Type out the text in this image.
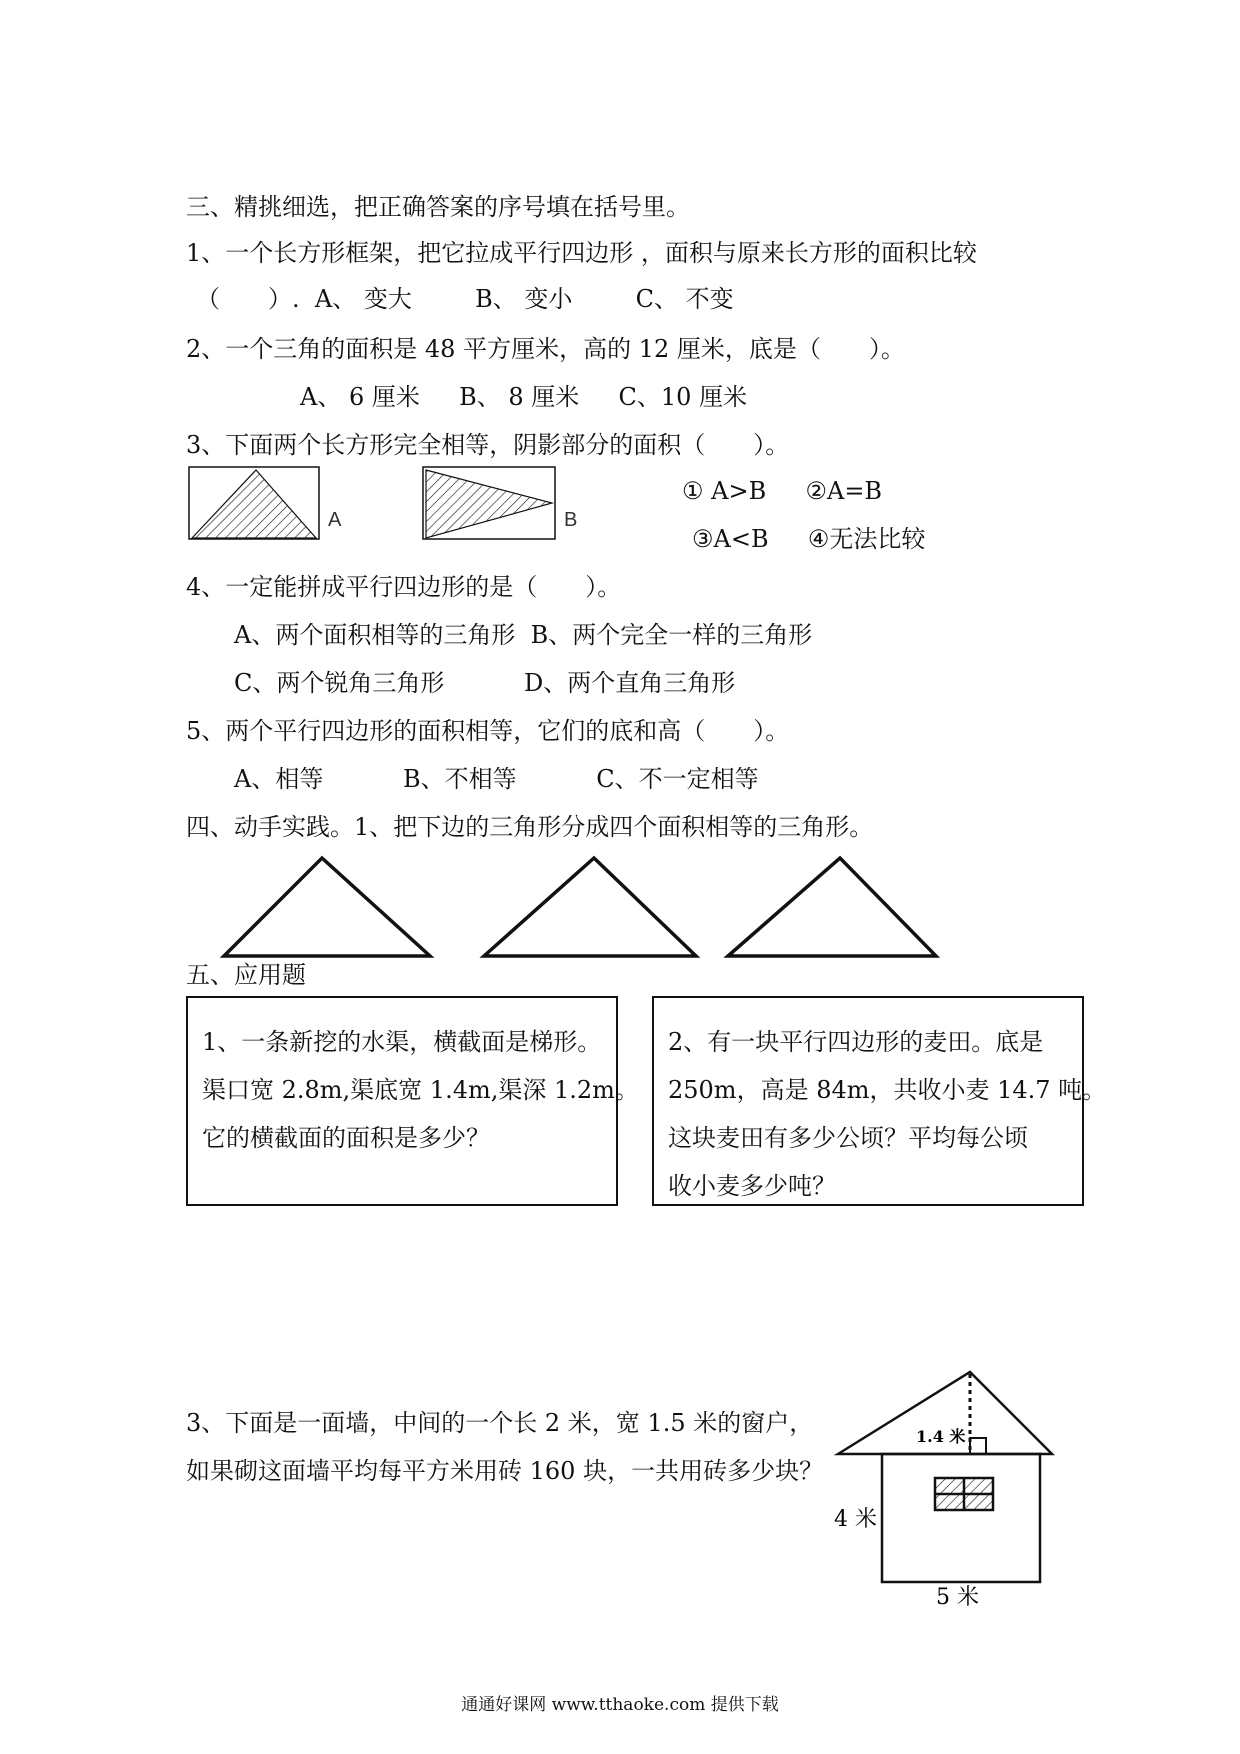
三、精挑细选，把正确答案的序号填在括号里。
1、一个长方形框架，把它拉成平行四边形 ，面积与原来长方形的面积比较
（　　）.  A、 变大 　　 B、 变小 　　 C、 不变
2、一个三角的面积是 48 平方厘米，高的 12 厘米，底是（　　）。
A、 6 厘米 　 B、 8 厘米 　 C、10 厘米
3、下面两个长方形完全相等，阴影部分的面积（　　）。
A	B
① A>B 　 ②A=B
③A<B 　 ④无法比较
4、一定能拼成平行四边形的是（　　）。
A、两个面积相等的三角形  B、两个完全一样的三角形
C、两个锐角三角形　　　 D、两个直角三角形
5、两个平行四边形的面积相等，它们的底和高（　　）。
A、相等　　　 B、不相等　　　 C、不一定相等
四、动手实践。1、把下边的三角形分成四个面积相等的三角形。
五、应用题

1、一条新挖的水渠，横截面是梯形。

渠口宽 2.8m,渠底宽 1.4m,渠深 1.2m。

它的横截面的面积是多少？

2、有一块平行四边形的麦田。底是

250m，高是 84m，共收小麦 14.7 吨。

这块麦田有多少公顷？平均每公顷

收小麦多少吨？

3、下面是一面墙，中间的一个长 2 米，宽 1.5 米的窗户，
如果砌这面墙平均每平方米用砖 160 块，一共用砖多少块？
1.4 米
4 米
5 米
通通好课网 www.tthaoke.com 提供下载
